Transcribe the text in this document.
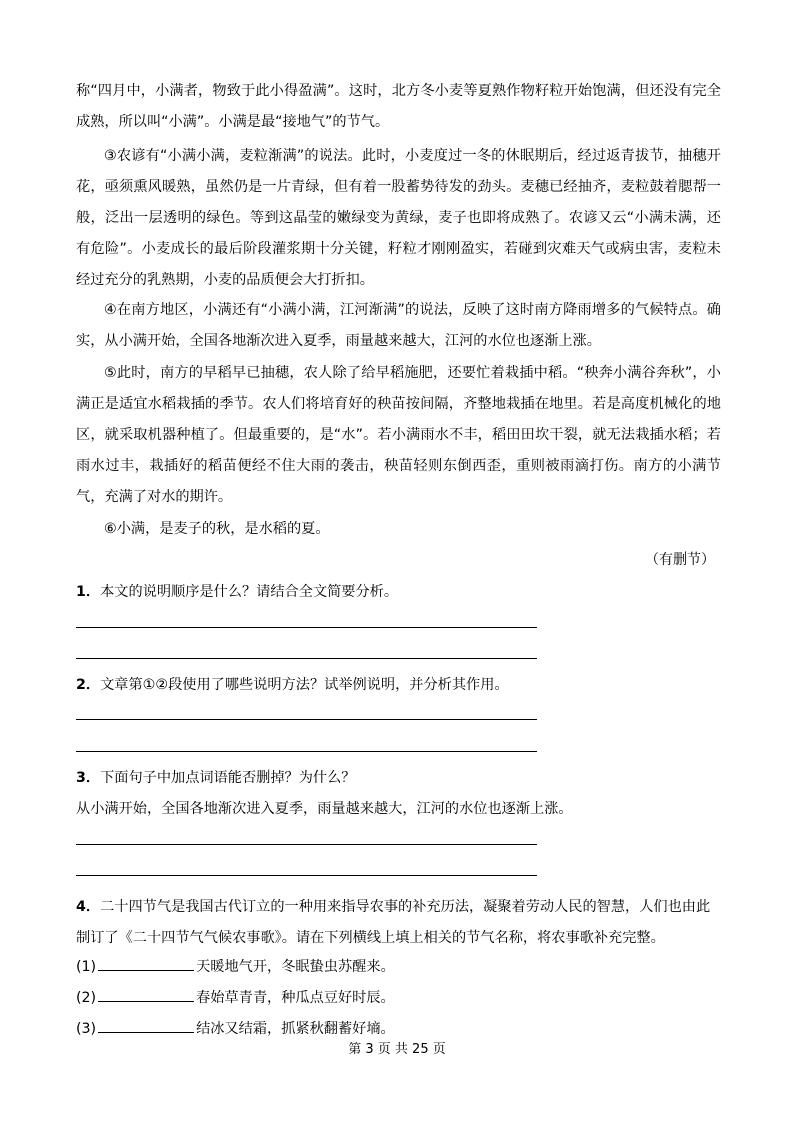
称“四月中，小满者，物致于此小得盈满”。这时，北方冬小麦等夏熟作物籽粒开始饱满，但还没有完全成熟，所以叫“小满”。小满是最“接地气”的节气。

③农谚有“小满小满，麦粒渐满”的说法。此时，小麦度过一冬的休眠期后，经过返青拔节，抽穗开花，亟须熏风暖熟，虽然仍是一片青绿，但有着一股蓄势待发的劲头。麦穗已经抽齐，麦粒鼓着腮帮一般，泛出一层透明的绿色。等到这晶莹的嫩绿变为黄绿，麦子也即将成熟了。农谚又云“小满未满，还有危险”。小麦成长的最后阶段灌浆期十分关键，籽粒才刚刚盈实，若碰到灾难天气或病虫害，麦粒未经过充分的乳熟期，小麦的品质便会大打折扣。

④在南方地区，小满还有“小满小满，江河渐满”的说法，反映了这时南方降雨增多的气候特点。确实，从小满开始，全国各地渐次进入夏季，雨量越来越大，江河的水位也逐渐上涨。

⑤此时，南方的早稻早已抽穗，农人除了给早稻施肥，还要忙着栽插中稻。“秧奔小满谷奔秋”，小满正是适宜水稻栽插的季节。农人们将培育好的秧苗按间隔，齐整地栽插在地里。若是高度机械化的地区，就采取机器种植了。但最重要的，是“水”。若小满雨水不丰，稻田田坎干裂，就无法栽插水稻；若雨水过丰，栽插好的稻苗便经不住大雨的袭击，秧苗轻则东倒西歪，重则被雨滴打伤。南方的小满节气，充满了对水的期许。

⑥小满，是麦子的秋，是水稻的夏。

（有删节）
1．本文的说明顺序是什么？请结合全文简要分析。
2．文章第①②段使用了哪些说明方法？试举例说明，并分析其作用。
3．下面句子中加点词语能否删掉？为什么？
从小满开始，全国各地渐次进入夏季，雨量越来越大，江河的水位也逐渐上涨。
4．二十四节气是我国古代订立的一种用来指导农事的补充历法，凝聚着劳动人民的智慧，人们也由此制订了《二十四节气气候农事歌》。请在下列横线上填上相关的节气名称，将农事歌补充完整。
(1)	天暖地气开，冬眠蛰虫苏醒来。
(2)	春始草青青，种瓜点豆好时辰。
(3)	结冰又结霜，抓紧秋翻蓄好墒。
第 3 页 共 25 页
